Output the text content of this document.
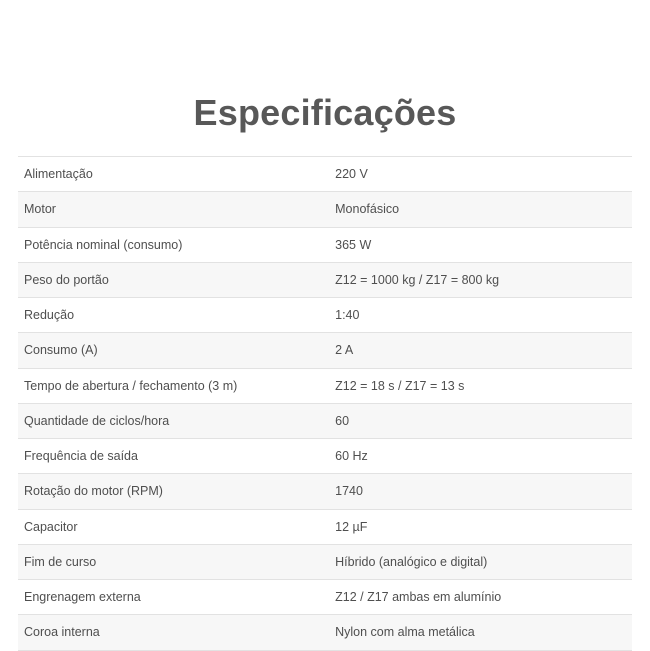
Especificações
Alimentação	220 V
Motor	Monofásico
Potência nominal (consumo)	365 W
Peso do portão	Z12 = 1000 kg / Z17 = 800 kg
Redução	1:40
Consumo (A)	2 A
Tempo de abertura / fechamento (3 m)	Z12 = 18 s / Z17 = 13 s
Quantidade de ciclos/hora	60
Frequência de saída	60 Hz
Rotação do motor (RPM)	1740
Capacitor	12 µF
Fim de curso	Híbrido (analógico e digital)
Engrenagem externa	Z12 / Z17 ambas em alumínio
Coroa interna	Nylon com alma metálica
